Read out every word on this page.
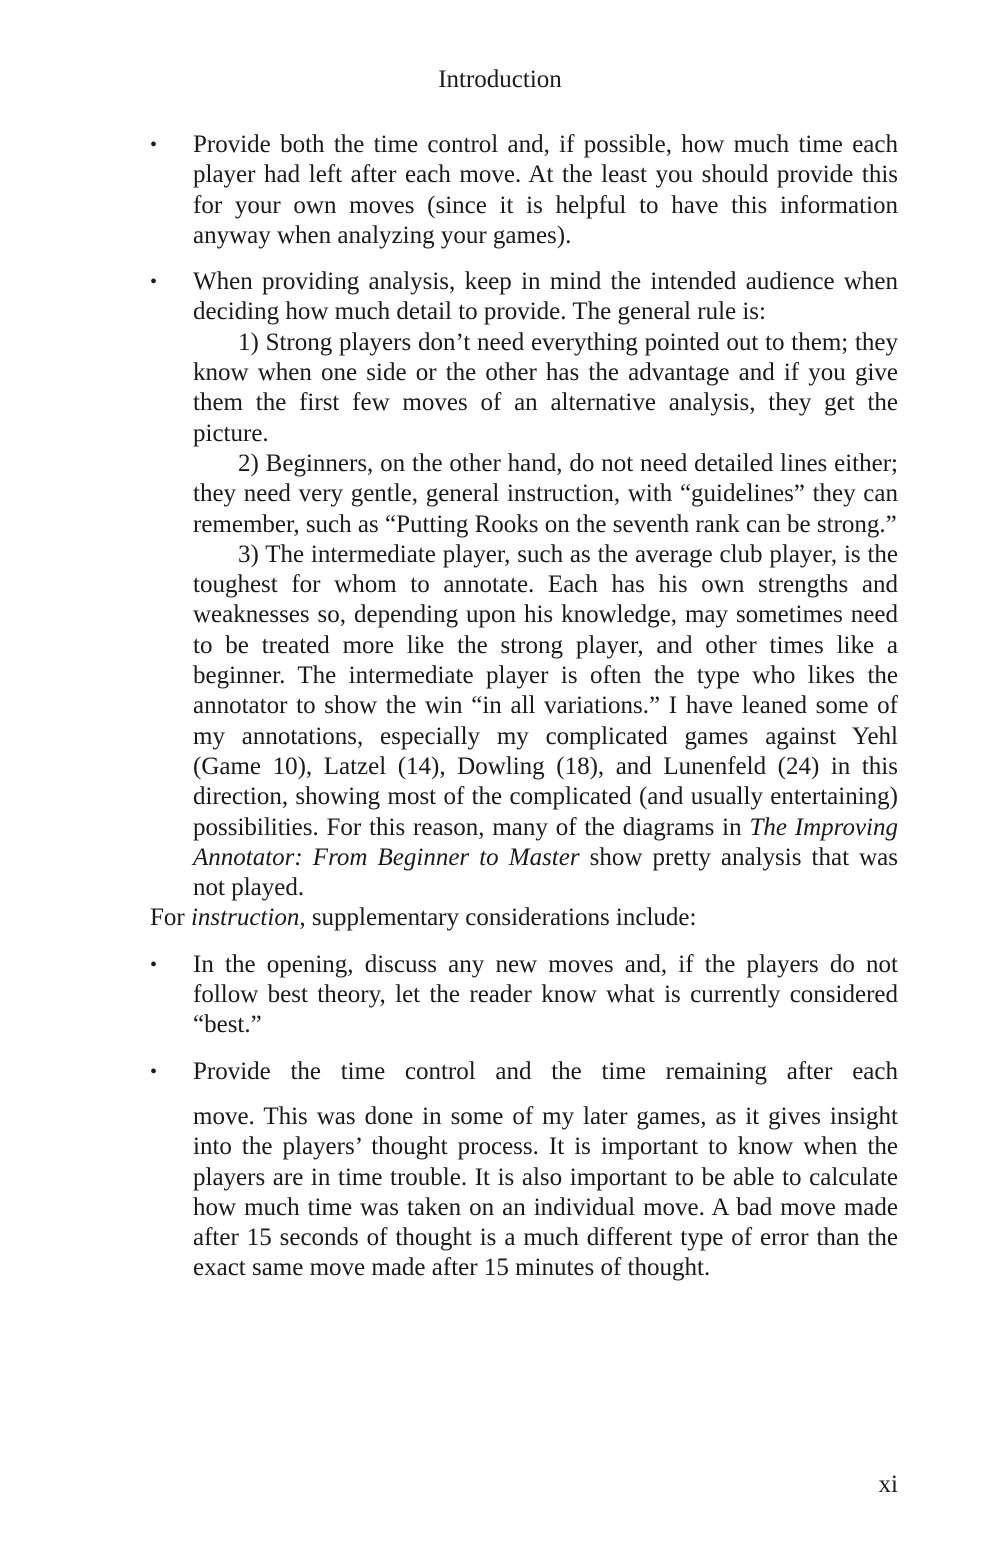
Introduction
• Provide both the time control and, if possible, how much time each player had left after each move. At the least you should provide this for your own moves (since it is helpful to have this information anyway when analyzing your games).

• When providing analysis, keep in mind the intended audience when deciding how much detail to provide. The general rule is:

1) Strong players don’t need everything pointed out to them; they know when one side or the other has the advantage and if you give them the first few moves of an alternative analysis, they get the picture.

2) Beginners, on the other hand, do not need detailed lines either; they need very gentle, general instruction, with “guidelines” they can remember, such as “Putting Rooks on the seventh rank can be strong.”

3) The intermediate player, such as the average club player, is the toughest for whom to annotate. Each has his own strengths and weaknesses so, depending upon his knowledge, may sometimes need to be treated more like the strong player, and other times like a beginner. The intermediate player is often the type who likes the annotator to show the win “in all variations.” I have leaned some of my annotations, especially my complicated games against Yehl (Game 10), Latzel (14), Dowling (18), and Lunenfeld (24) in this direction, showing most of the complicated (and usually entertaining) possibilities. For this reason, many of the diagrams in The Improving Annotator: From Beginner to Master show pretty analysis that was not played.

For instruction, supplementary considerations include:

• In the opening, discuss any new moves and, if the players do not follow best theory, let the reader know what is currently considered “best.”

• Provide the time control and the time remaining after each

move. This was done in some of my later games, as it gives insight into the players’ thought process. It is important to know when the players are in time trouble. It is also important to be able to calculate how much time was taken on an individual move. A bad move made after 15 seconds of thought is a much different type of error than the exact same move made after 15 minutes of thought.

xi
